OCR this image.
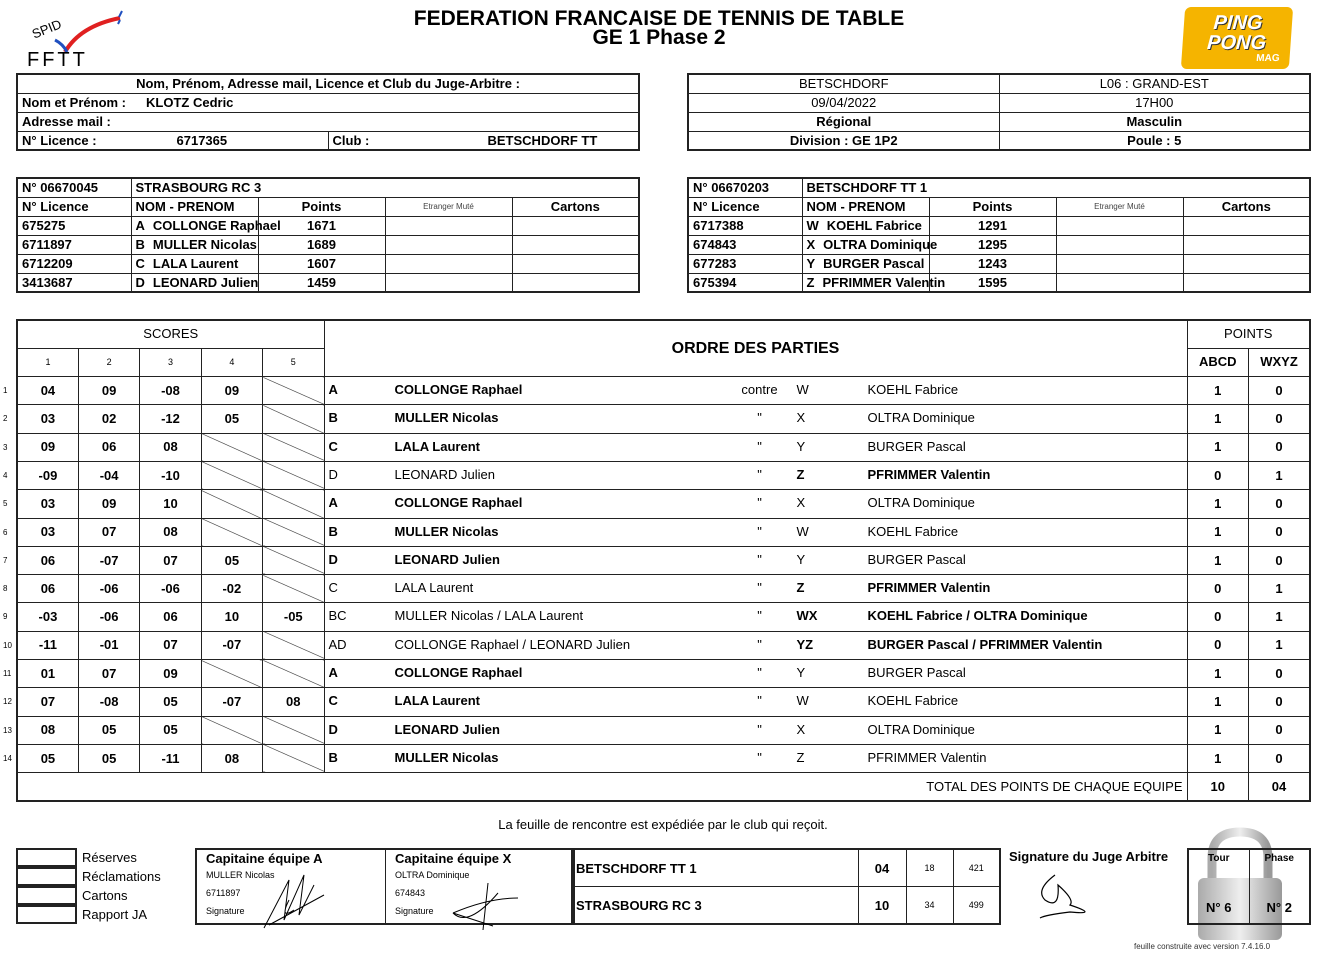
SPID
FFTT
PING
PONG
MAG
FEDERATION FRANCAISE DE TENNIS DE TABLE
GE 1 Phase 2
Nom, Prénom, Adresse mail, Licence et Club du Juge-Arbitre :
Nom et Prénom : KLOTZ Cedric
Adresse mail :
N° Licence :	6717365	Club :	BETSCHDORF TT
BETSCHDORF	L06 : GRAND-EST
09/04/2022	17H00
Régional	Masculin
Division : GE 1P2	Poule : 5
N° 06670045	STRASBOURG RC 3			
N° Licence	NOM - PRENOM	Points	Etranger Muté	Cartons
675275	A COLLONGE Raphael	1671		
6711897	B MULLER Nicolas	1689		
6712209	C LALA Laurent	1607		
3413687	D LEONARD Julien	1459		
N° 06670203	BETSCHDORF TT 1			
N° Licence	NOM - PRENOM	Points	Etranger Muté	Cartons
6717388	W KOEHL Fabrice	1291		
674843	X OLTRA Dominique	1295		
677283	Y BURGER Pascal	1243		
675394	Z PFRIMMER Valentin	1595		
1
2
3
4
5
6
7
8
9
10
11
12
13
14
SCORES					ORDRE DES PARTIES	POINTS	
1	2	3	4	5		ABCD	WXYZ
04	09	-08	09		A COLLONGE Raphael contre W KOEHL Fabrice	1	0
03	02	-12	05		B MULLER Nicolas " X OLTRA Dominique	1	0
09	06	08			C LALA Laurent " Y BURGER Pascal	1	0
-09	-04	-10			D LEONARD Julien " Z PFRIMMER Valentin	0	1
03	09	10			A COLLONGE Raphael " X OLTRA Dominique	1	0
03	07	08			B MULLER Nicolas " W KOEHL Fabrice	1	0
06	-07	07	05		D LEONARD Julien " Y BURGER Pascal	1	0
06	-06	-06	-02		C LALA Laurent " Z PFRIMMER Valentin	0	1
-03	-06	06	10	-05	BC MULLER Nicolas / LALA Laurent " WX KOEHL Fabrice / OLTRA Dominique	0	1
-11	-01	07	-07		AD COLLONGE Raphael / LEONARD Julien " YZ BURGER Pascal / PFRIMMER Valentin	0	1
01	07	09			A COLLONGE Raphael " Y BURGER Pascal	1	0
07	-08	05	-07	08	C LALA Laurent " W KOEHL Fabrice	1	0
08	05	05			D LEONARD Julien " X OLTRA Dominique	1	0
05	05	-11	08		B MULLER Nicolas " Z PFRIMMER Valentin	1	0
TOTAL DES POINTS DE CHAQUE EQUIPE						10	04
La feuille de rencontre est expédiée par le club qui reçoit.
Réserves
Réclamations
Cartons
Rapport JA
Capitaine équipe A
MULLER Nicolas
6711897
Signature
Capitaine équipe X
OLTRA Dominique
674843
Signature
BETSCHDORF TT 1	04	18	421
STRASBOURG RC 3	10	34	499
Signature du Juge Arbitre	Tour	Phase
N° 6	N° 2
feuille construite avec version 7.4.16.0
